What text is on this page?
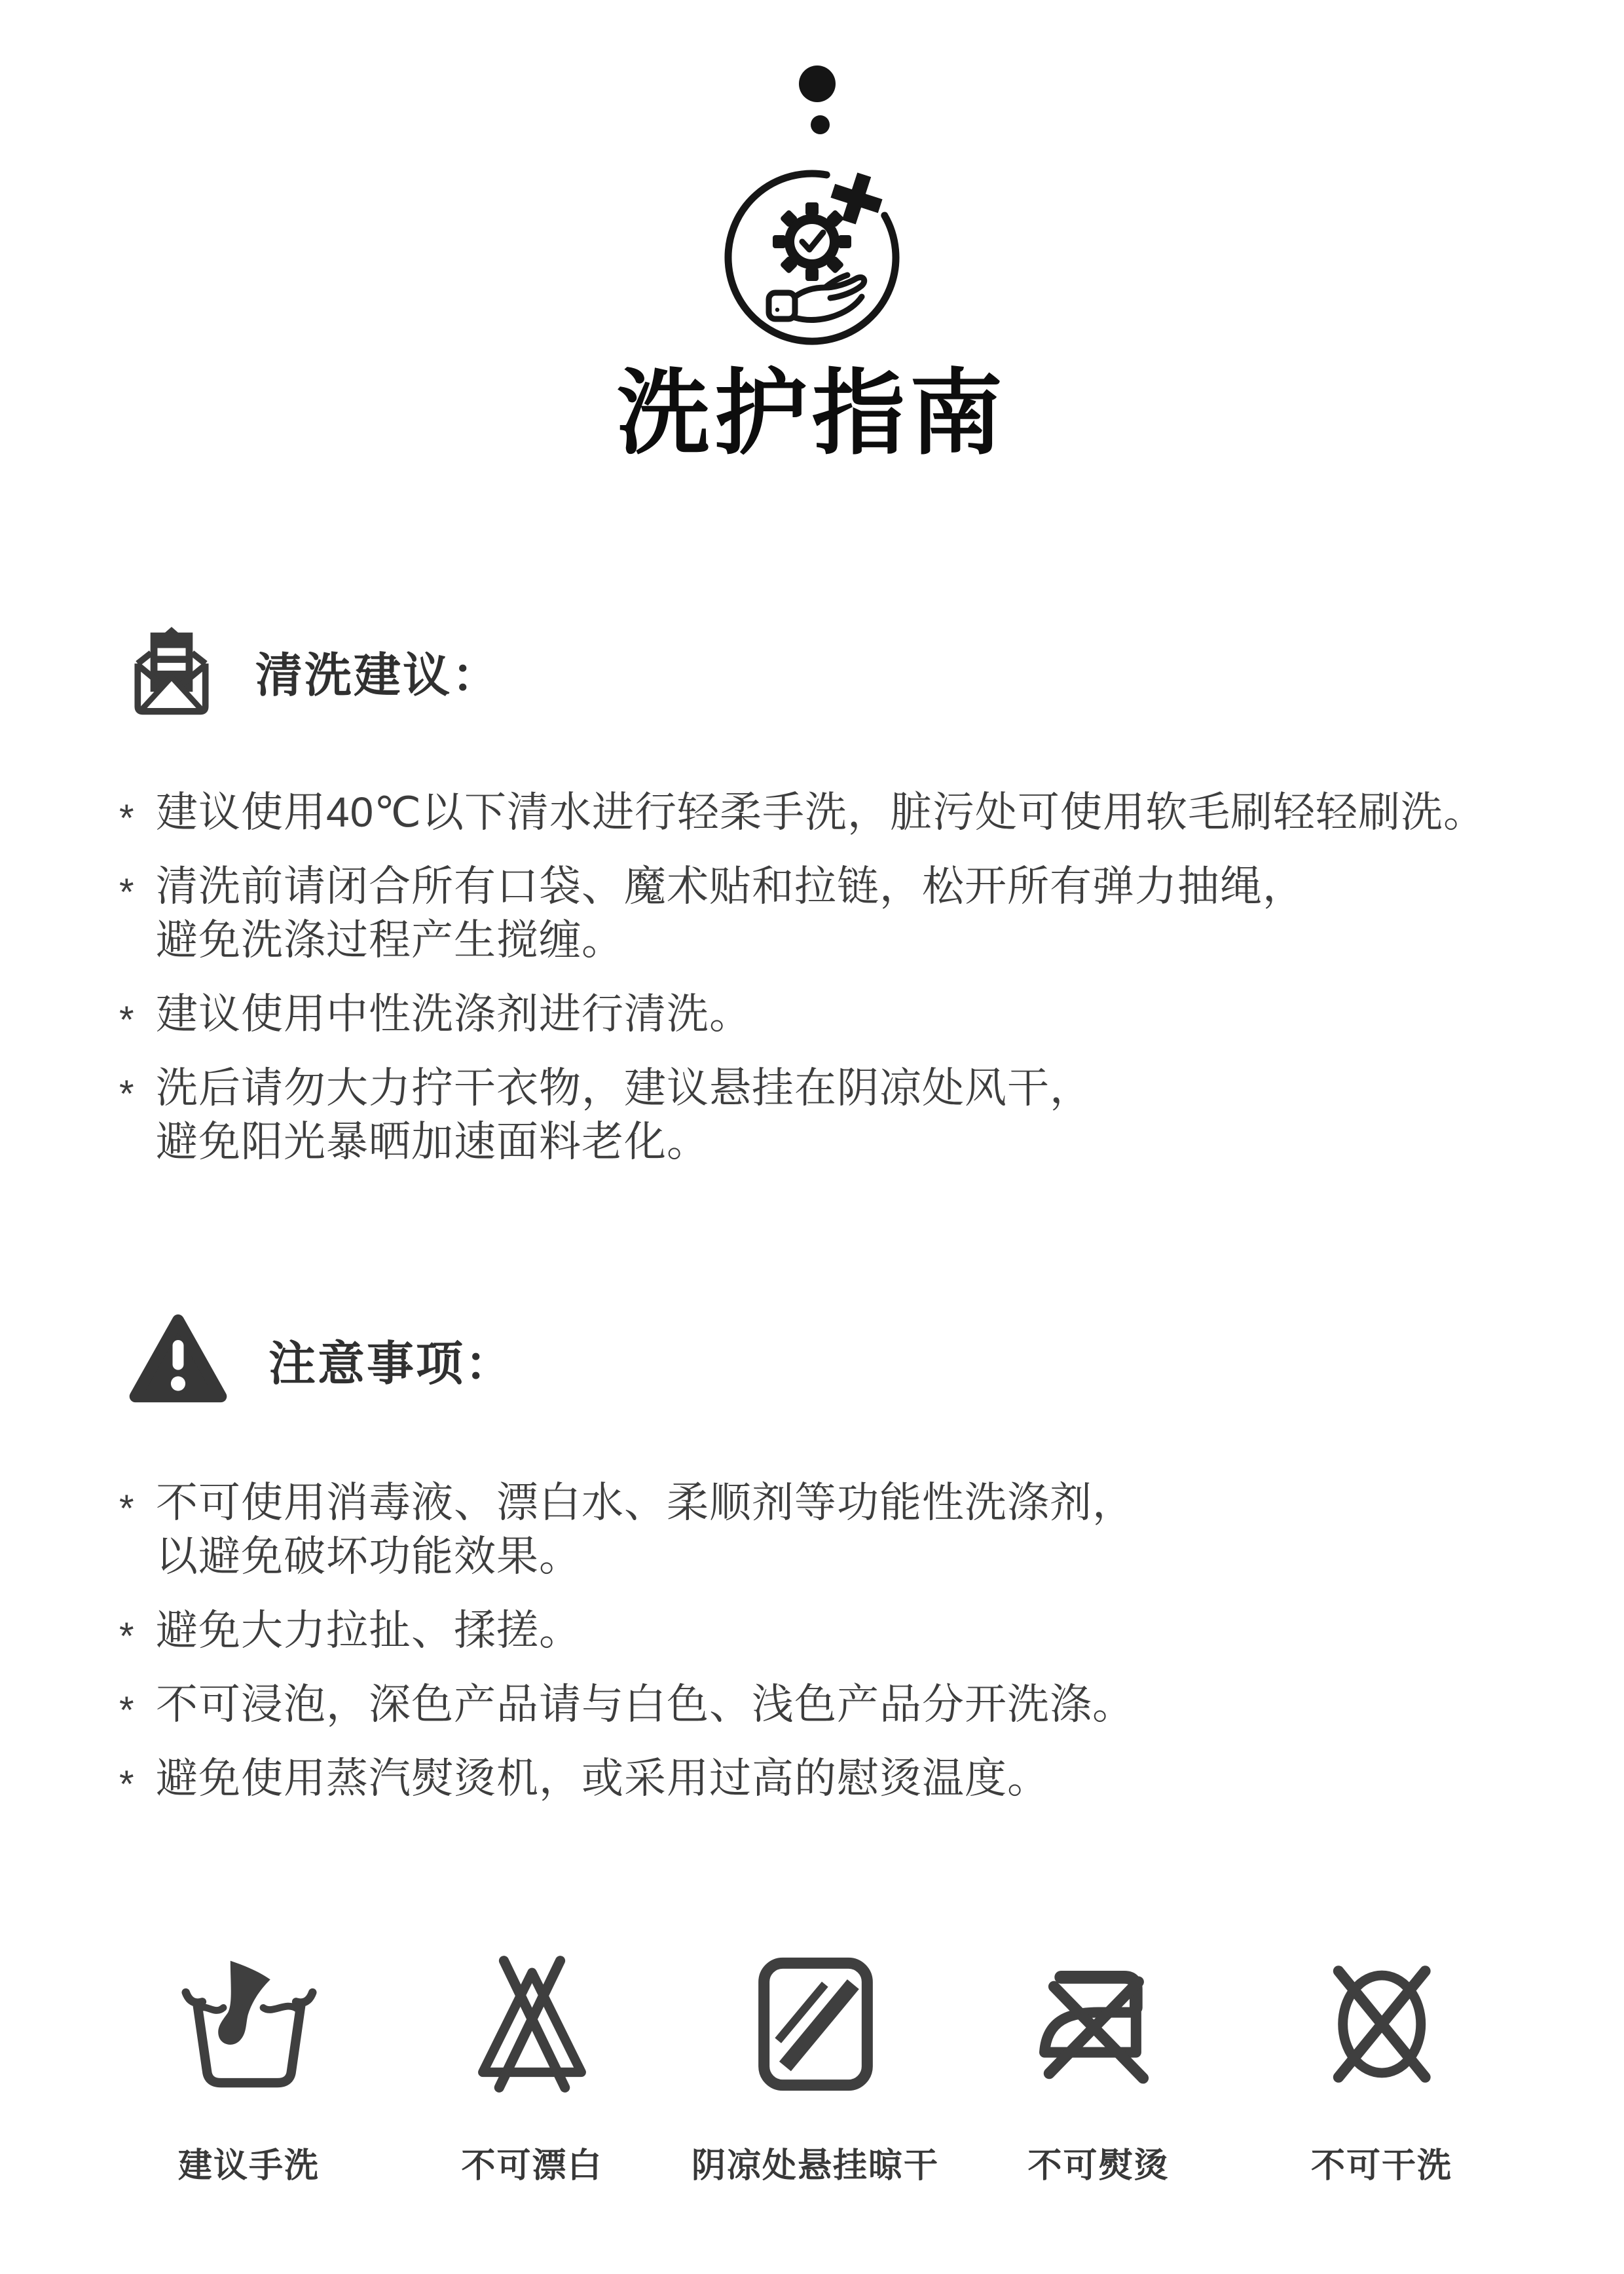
洗护指南
清洗建议：
* 建议使用40℃以下清水进行轻柔手洗，脏污处可使用软毛刷轻轻刷洗。
* 清洗前请闭合所有口袋、魔术贴和拉链，松开所有弹力抽绳，
避免洗涤过程产生搅缠。
* 建议使用中性洗涤剂进行清洗。
* 洗后请勿大力拧干衣物，建议悬挂在阴凉处风干，
避免阳光暴晒加速面料老化。
注意事项：
* 不可使用消毒液、漂白水、柔顺剂等功能性洗涤剂，
以避免破坏功能效果。
* 避免大力拉扯、揉搓。
* 不可浸泡，深色产品请与白色、浅色产品分开洗涤。
* 避免使用蒸汽熨烫机，或采用过高的慰烫温度。
建议手洗	不可漂白	阴凉处悬挂晾干	不可熨烫	不可干洗
